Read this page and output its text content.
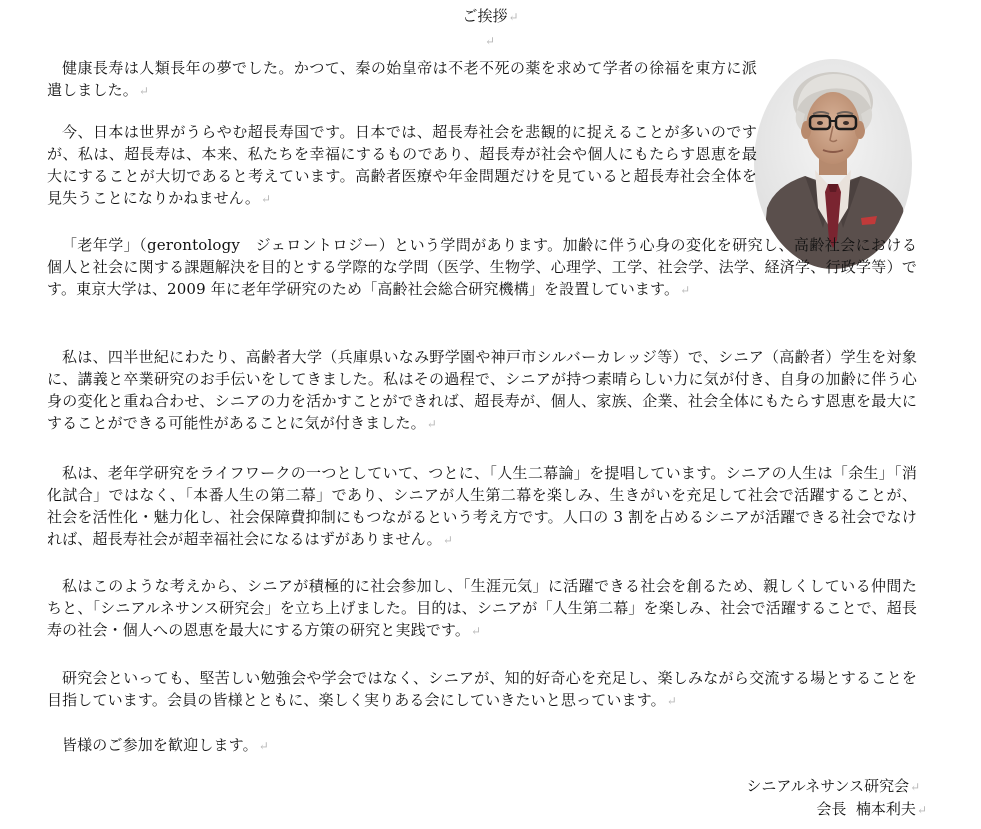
ご挨拶↵
↵

健康長寿は人類長年の夢でした。かつて、秦の始皇帝は不老不死の薬を求めて学者の徐福を東方に派遣しました。↵

今、日本は世界がうらやむ超長寿国です。日本では、超長寿社会を悲観的に捉えることが多いのですが、私は、超長寿は、本来、私たちを幸福にするものであり、超長寿が社会や個人にもたらす恩恵を最大にすることが大切であると考えています。高齢者医療や年金問題だけを見ていると超長寿社会全体を見失うことになりかねません。↵

「老年学」（gerontology　ジェロントロジー）という学問があります。加齢に伴う心身の変化を研究し、高齢社会における個人と社会に関する課題解決を目的とする学際的な学問（医学、生物学、心理学、工学、社会学、法学、経済学、行政学等）です。東京大学は、2009 年に老年学研究のため「高齢社会総合研究機構」を設置しています。↵

私は、四半世紀にわたり、高齢者大学（兵庫県いなみ野学園や神戸市シルバーカレッジ等）で、シニア（高齢者）学生を対象に、講義と卒業研究のお手伝いをしてきました。私はその過程で、シニアが持つ素晴らしい力に気が付き、自身の加齢に伴う心身の変化と重ね合わせ、シニアの力を活かすことができれば、超長寿が、個人、家族、企業、社会全体にもたらす恩恵を最大にすることができる可能性があることに気が付きました。↵

私は、老年学研究をライフワークの一つとしていて、つとに、「人生二幕論」を提唱しています。シニアの人生は「余生」「消化試合」ではなく、「本番人生の第二幕」であり、シニアが人生第二幕を楽しみ、生きがいを充足して社会で活躍することが、社会を活性化・魅力化し、社会保障費抑制にもつながるという考え方です。人口の 3 割を占めるシニアが活躍できる社会でなければ、超長寿社会が超幸福社会になるはずがありません。↵

私はこのような考えから、シニアが積極的に社会参加し、「生涯元気」に活躍できる社会を創るため、親しくしている仲間たちと、「シニアルネサンス研究会」を立ち上げました。目的は、シニアが「人生第二幕」を楽しみ、社会で活躍することで、超長寿の社会・個人への恩恵を最大にする方策の研究と実践です。↵

研究会といっても、堅苦しい勉強会や学会ではなく、シニアが、知的好奇心を充足し、楽しみながら交流する場とすることを目指しています。会員の皆様とともに、楽しく実りある会にしていきたいと思っています。↵

皆様のご参加を歓迎します。↵

シニアルネサンス研究会↵
会長 楠本利夫↵
